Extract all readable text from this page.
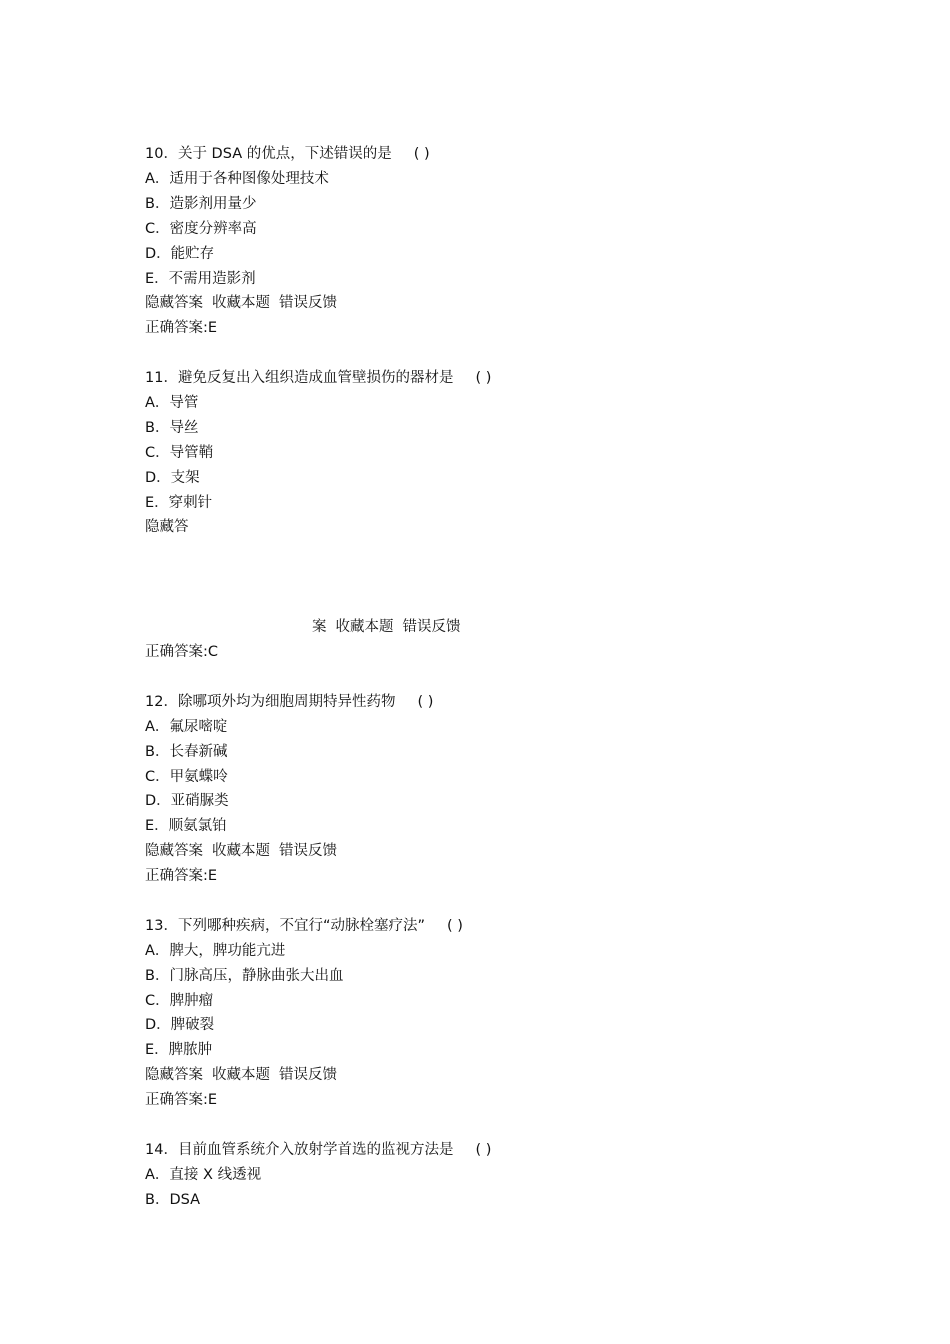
10．关于 DSA 的优点，下述错误的是 ( )
A．适用于各种图像处理技术
B．造影剂用量少
C．密度分辨率高
D．能贮存
E．不需用造影剂
隐藏答案 收藏本题 错误反馈
正确答案:E
11．避免反复出入组织造成血管壁损伤的器材是 ( )
A．导管
B．导丝
C．导管鞘
D．支架
E．穿刺针
隐藏答
案 收藏本题 错误反馈
正确答案:C
12．除哪项外均为细胞周期特异性药物 ( )
A．氟尿嘧啶
B．长春新碱
C．甲氨蝶呤
D．亚硝脲类
E．顺氨氯铂
隐藏答案 收藏本题 错误反馈
正确答案:E
13．下列哪种疾病，不宜行“动脉栓塞疗法” ( )
A．脾大，脾功能亢进
B．门脉高压，静脉曲张大出血
C．脾肿瘤
D．脾破裂
E．脾脓肿
隐藏答案 收藏本题 错误反馈
正确答案:E
14．目前血管系统介入放射学首选的监视方法是 ( )
A．直接 X 线透视
B．DSA
